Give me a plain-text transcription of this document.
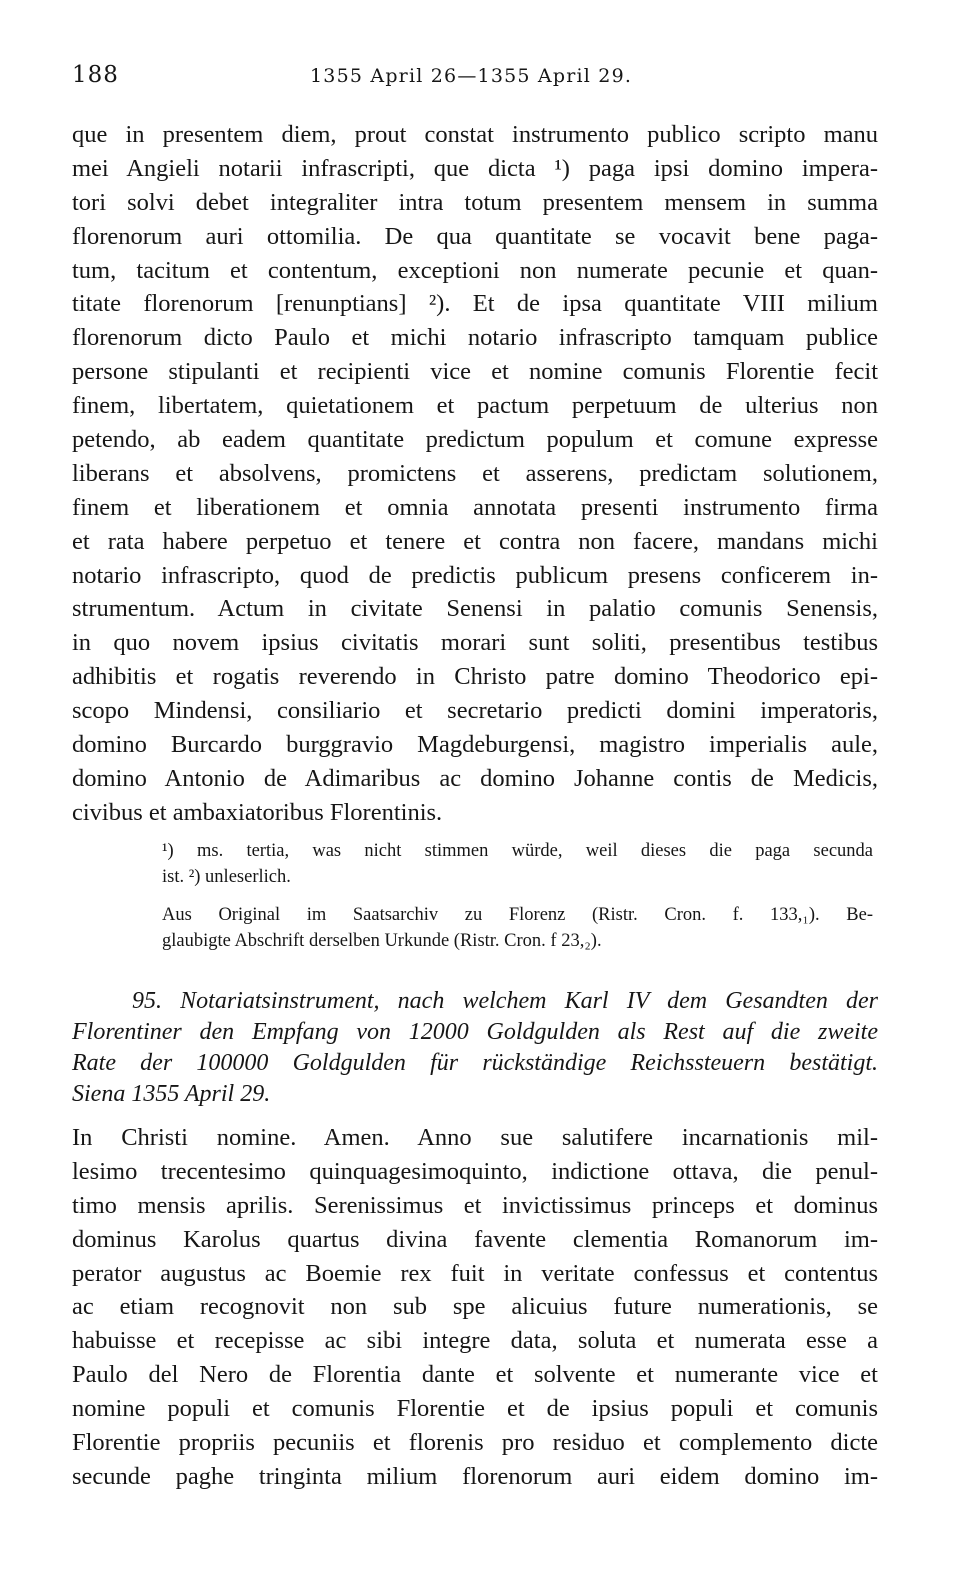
188	1355 April 26—1355 April 29.
que in presentem diem, prout constat instrumento publico scripto manu
mei Angieli notarii infrascripti, que dicta ¹) paga ipsi domino impera-
tori solvi debet integraliter intra totum presentem mensem in summa
florenorum auri ottomilia. De qua quantitate se vocavit bene paga-
tum, tacitum et contentum, exceptioni non numerate pecunie et quan-
titate florenorum [renunptians] ²). Et de ipsa quantitate VIII milium
florenorum dicto Paulo et michi notario infrascripto tamquam publice
persone stipulanti et recipienti vice et nomine comunis Florentie fecit
finem, libertatem, quietationem et pactum perpetuum de ulterius non
petendo, ab eadem quantitate predictum populum et comune expresse
liberans et absolvens, promictens et asserens, predictam solutionem,
finem et liberationem et omnia annotata presenti instrumento firma
et rata habere perpetuo et tenere et contra non facere, mandans michi
notario infrascripto, quod de predictis publicum presens conficerem in-
strumentum. Actum in civitate Senensi in palatio comunis Senensis,
in quo novem ipsius civitatis morari sunt soliti, presentibus testibus
adhibitis et rogatis reverendo in Christo patre domino Theodorico epi-
scopo Mindensi, consiliario et secretario predicti domini imperatoris,
domino Burcardo burggravio Magdeburgensi, magistro imperialis aule,
domino Antonio de Adimaribus ac domino Johanne contis de Medicis,
civibus et ambaxiatoribus Florentinis.
¹) ms. tertia, was nicht stimmen würde, weil dieses die paga secunda
ist. ²) unleserlich.
Aus Original im Saatsarchiv zu Florenz (Ristr. Cron. f. 133,₁). Be-
glaubigte Abschrift derselben Urkunde (Ristr. Cron. f 23,₂).
95. Notariatsinstrument, nach welchem Karl IV dem Gesandten der
Florentiner den Empfang von 12000 Goldgulden als Rest auf die zweite
Rate der 100000 Goldgulden für rückständige Reichssteuern bestätigt.
Siena 1355 April 29.
In Christi nomine. Amen. Anno sue salutifere incarnationis mil-
lesimo trecentesimo quinquagesimoquinto, indictione ottava, die penul-
timo mensis aprilis. Serenissimus et invictissimus princeps et dominus
dominus Karolus quartus divina favente clementia Romanorum im-
perator augustus ac Boemie rex fuit in veritate confessus et contentus
ac etiam recognovit non sub spe alicuius future numerationis, se
habuisse et recepisse ac sibi integre data, soluta et numerata esse a
Paulo del Nero de Florentia dante et solvente et numerante vice et
nomine populi et comunis Florentie et de ipsius populi et comunis
Florentie propriis pecuniis et florenis pro residuo et complemento dicte
secunde paghe tringinta milium florenorum auri eidem domino im-
